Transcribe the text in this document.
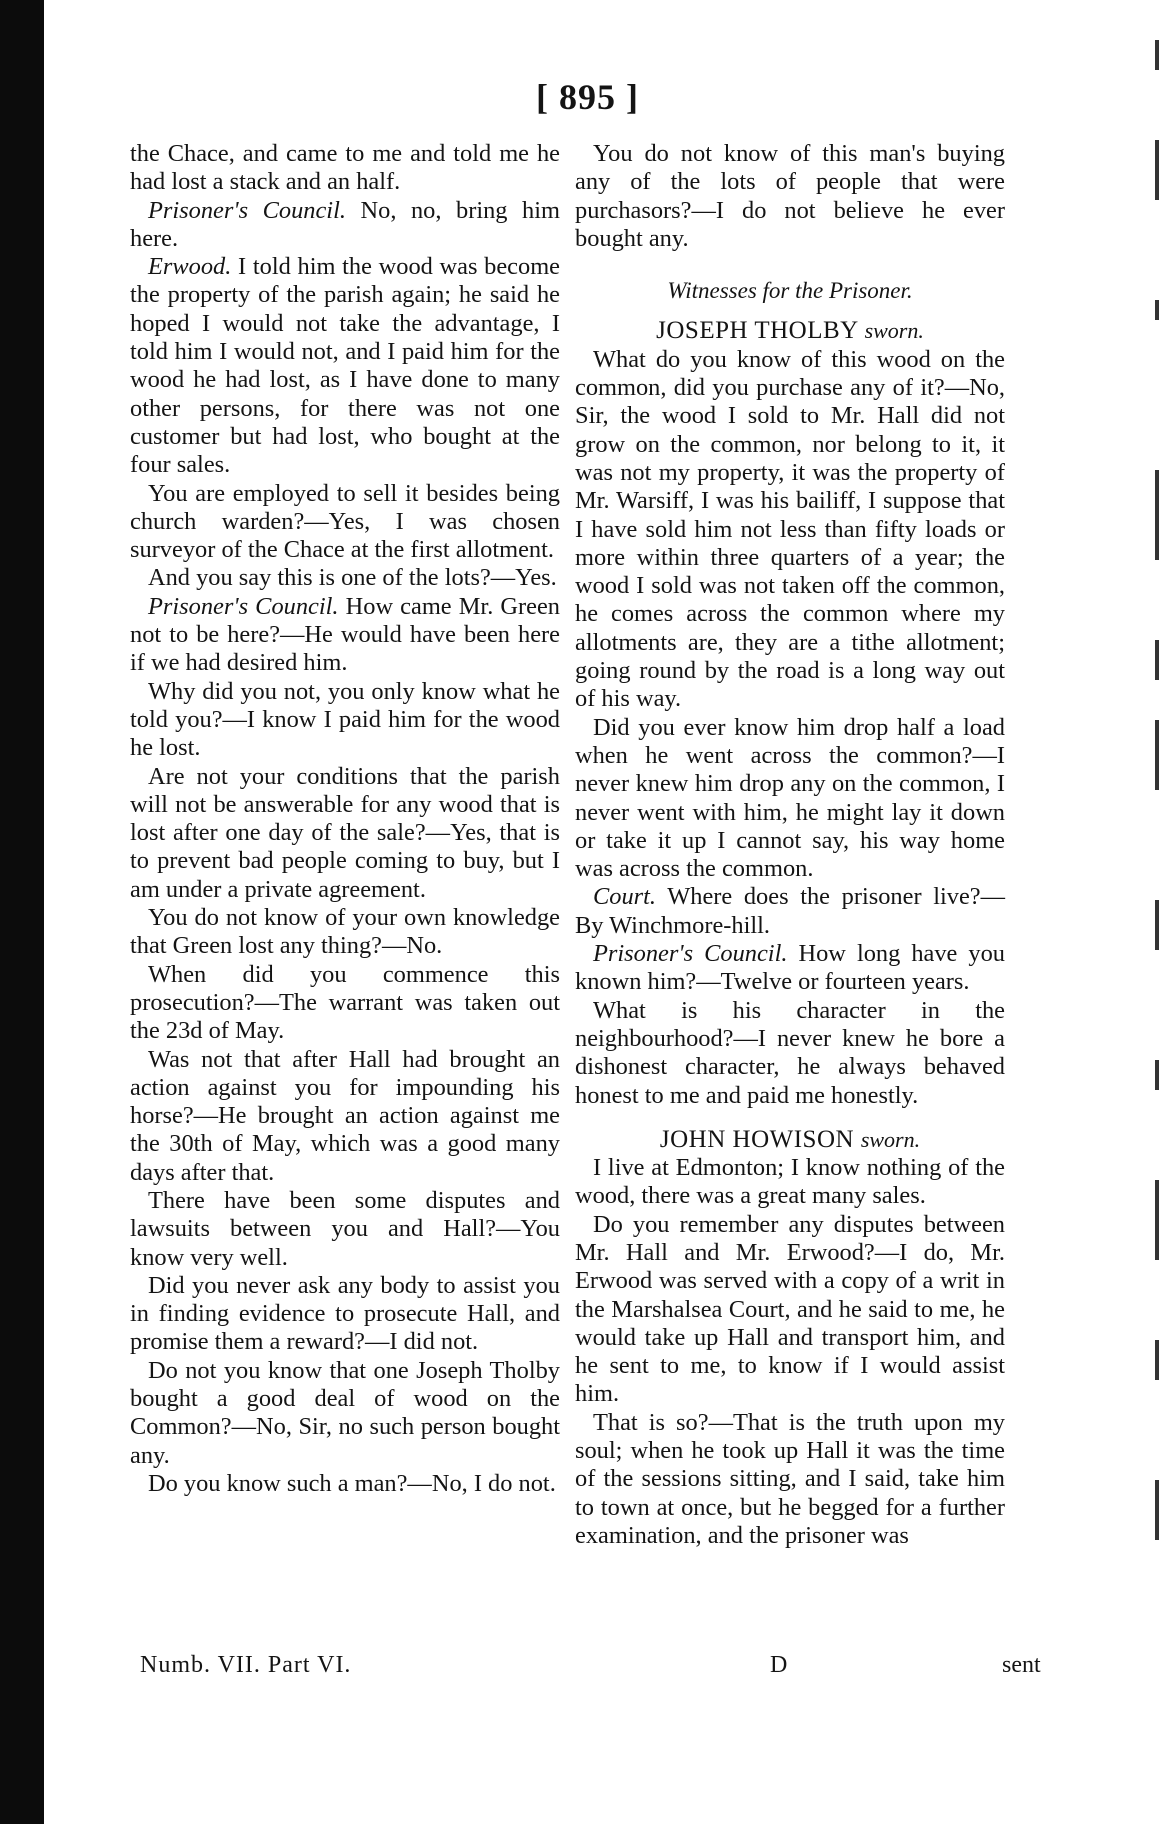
[ 895 ]

the Chace, and came to me and told me he had lost a stack and an half.

Prisoner's Council. No, no, bring him here.

Erwood. I told him the wood was become the property of the parish again; he said he hoped I would not take the advantage, I told him I would not, and I paid him for the wood he had lost, as I have done to many other persons, for there was not one customer but had lost, who bought at the four sales.

You are employed to sell it besides being church warden?—Yes, I was chosen surveyor of the Chace at the first allotment.

And you say this is one of the lots?—Yes.

Prisoner's Council. How came Mr. Green not to be here?—He would have been here if we had desired him.

Why did you not, you only know what he told you?—I know I paid him for the wood he lost.

Are not your conditions that the parish will not be answerable for any wood that is lost after one day of the sale?—Yes, that is to prevent bad people coming to buy, but I am under a private agreement.

You do not know of your own knowledge that Green lost any thing?—No.

When did you commence this prosecution?—The warrant was taken out the 23d of May.

Was not that after Hall had brought an action against you for impounding his horse?—He brought an action against me the 30th of May, which was a good many days after that.

There have been some disputes and lawsuits between you and Hall?—You know very well.

Did you never ask any body to assist you in finding evidence to prosecute Hall, and promise them a reward?—I did not.

Do not you know that one Joseph Tholby bought a good deal of wood on the Common?—No, Sir, no such person bought any.

Do you know such a man?—No, I do not.

You do not know of this man's buying any of the lots of people that were purchasors?—I do not believe he ever bought any.

Witnesses for the Prisoner.

JOSEPH THOLBY sworn.

What do you know of this wood on the common, did you purchase any of it?—No, Sir, the wood I sold to Mr. Hall did not grow on the common, nor belong to it, it was not my property, it was the property of Mr. Warsiff, I was his bailiff, I suppose that I have sold him not less than fifty loads or more within three quarters of a year; the wood I sold was not taken off the common, he comes across the common where my allotments are, they are a tithe allotment; going round by the road is a long way out of his way.

Did you ever know him drop half a load when he went across the common?—I never knew him drop any on the common, I never went with him, he might lay it down or take it up I cannot say, his way home was across the common.

Court. Where does the prisoner live?—By Winchmore-hill.

Prisoner's Council. How long have you known him?—Twelve or fourteen years.

What is his character in the neighbourhood?—I never knew he bore a dishonest character, he always behaved honest to me and paid me honestly.

JOHN HOWISON sworn.

I live at Edmonton; I know nothing of the wood, there was a great many sales.

Do you remember any disputes between Mr. Hall and Mr. Erwood?—I do, Mr. Erwood was served with a copy of a writ in the Marshalsea Court, and he said to me, he would take up Hall and transport him, and he sent to me, to know if I would assist him.

That is so?—That is the truth upon my soul; when he took up Hall it was the time of the sessions sitting, and I said, take him to town at once, but he begged for a further examination, and the prisoner was

Numb. VII. Part VI.	D	sent
